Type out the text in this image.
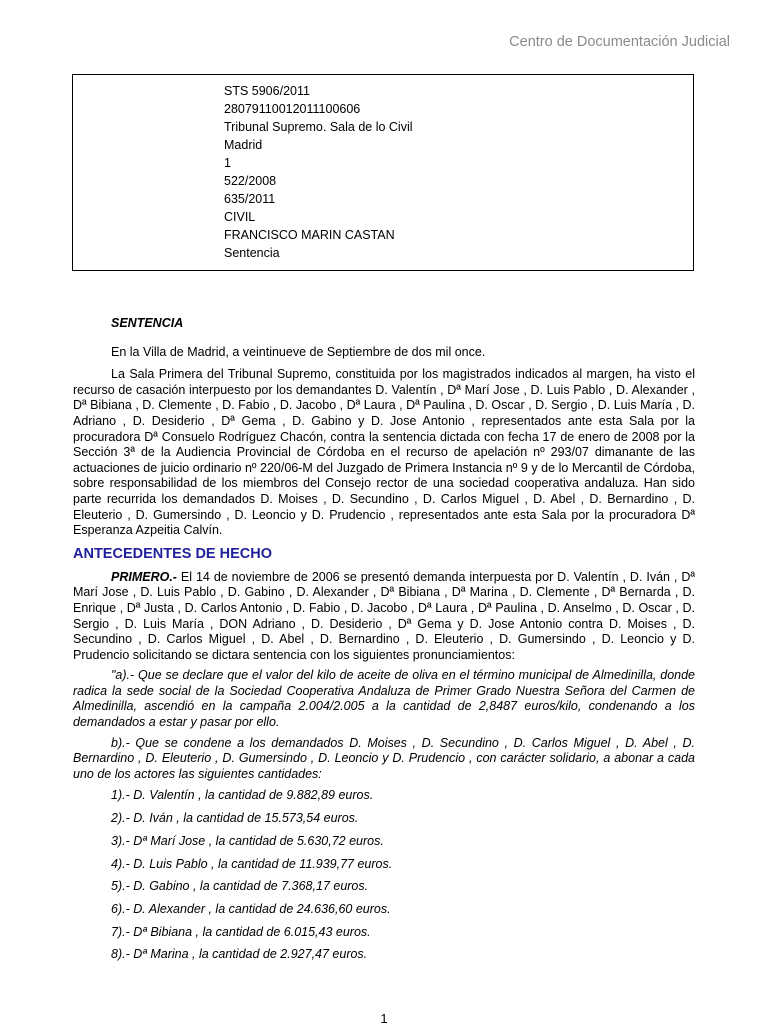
Centro de Documentación Judicial
STS 5906/2011
28079110012011100606
Tribunal Supremo. Sala de lo Civil
Madrid
1
522/2008
635/2011
CIVIL
FRANCISCO MARIN CASTAN
Sentencia

SENTENCIA

En la Villa de Madrid, a veintinueve de Septiembre de dos mil once.

La Sala Primera del Tribunal Supremo, constituida por los magistrados indicados al margen, ha visto el recurso de casación interpuesto por los demandantes D. Valentín , Dª Marí Jose , D. Luis Pablo , D. Alexander , Dª Bibiana , D. Clemente , D. Fabio , D. Jacobo , Dª Laura , Dª Paulina , D. Oscar , D. Sergio , D. Luis María , D. Adriano , D. Desiderio , Dª Gema , D. Gabino y D. Jose Antonio , representados ante esta Sala por la procuradora Dª Consuelo Rodríguez Chacón, contra la sentencia dictada con fecha 17 de enero de 2008 por la Sección 3ª de la Audiencia Provincial de Córdoba en el recurso de apelación nº 293/07 dimanante de las actuaciones de juicio ordinario nº 220/06-M del Juzgado de Primera Instancia nº 9 y de lo Mercantil de Córdoba, sobre responsabilidad de los miembros del Consejo rector de una sociedad cooperativa andaluza. Han sido parte recurrida los demandados D. Moises , D. Secundino , D. Carlos Miguel , D. Abel , D. Bernardino , D. Eleuterio , D. Gumersindo , D. Leoncio y D. Prudencio , representados ante esta Sala por la procuradora Dª Esperanza Azpeitia Calvín.

ANTECEDENTES DE HECHO

PRIMERO.- El 14 de noviembre de 2006 se presentó demanda interpuesta por D. Valentín , D. Iván , Dª Marí Jose , D. Luis Pablo , D. Gabino , D. Alexander , Dª Bibiana , Dª Marina , D. Clemente , Dª Bernarda , D. Enrique , Dª Justa , D. Carlos Antonio , D. Fabio , D. Jacobo , Dª Laura , Dª Paulina , D. Anselmo , D. Oscar , D. Sergio , D. Luis María , DON Adriano , D. Desiderio , Dª Gema y D. Jose Antonio contra D. Moises , D. Secundino , D. Carlos Miguel , D. Abel , D. Bernardino , D. Eleuterio , D. Gumersindo , D. Leoncio y D. Prudencio solicitando se dictara sentencia con los siguientes pronunciamientos:

"a).- Que se declare que el valor del kilo de aceite de oliva en el término municipal de Almedinilla, donde radica la sede social de la Sociedad Cooperativa Andaluza de Primer Grado Nuestra Señora del Carmen de Almedinilla, ascendió en la campaña 2.004/2.005 a la cantidad de 2,8487 euros/kilo, condenando a los demandados a estar y pasar por ello.

b).- Que se condene a los demandados D. Moises , D. Secundino , D. Carlos Miguel , D. Abel , D. Bernardino , D. Eleuterio , D. Gumersindo , D. Leoncio y D. Prudencio , con carácter solidario, a abonar a cada uno de los actores las siguientes cantidades:

1).- D. Valentín , la cantidad de 9.882,89 euros.

2).- D. Iván , la cantidad de 15.573,54 euros.

3).- Dª Marí Jose , la cantidad de 5.630,72 euros.

4).- D. Luis Pablo , la cantidad de 11.939,77 euros.

5).- D. Gabino , la cantidad de 7.368,17 euros.

6).- D. Alexander , la cantidad de 24.636,60 euros.

7).- Dª Bibiana , la cantidad de 6.015,43 euros.

8).- Dª Marina , la cantidad de 2.927,47 euros.

1
